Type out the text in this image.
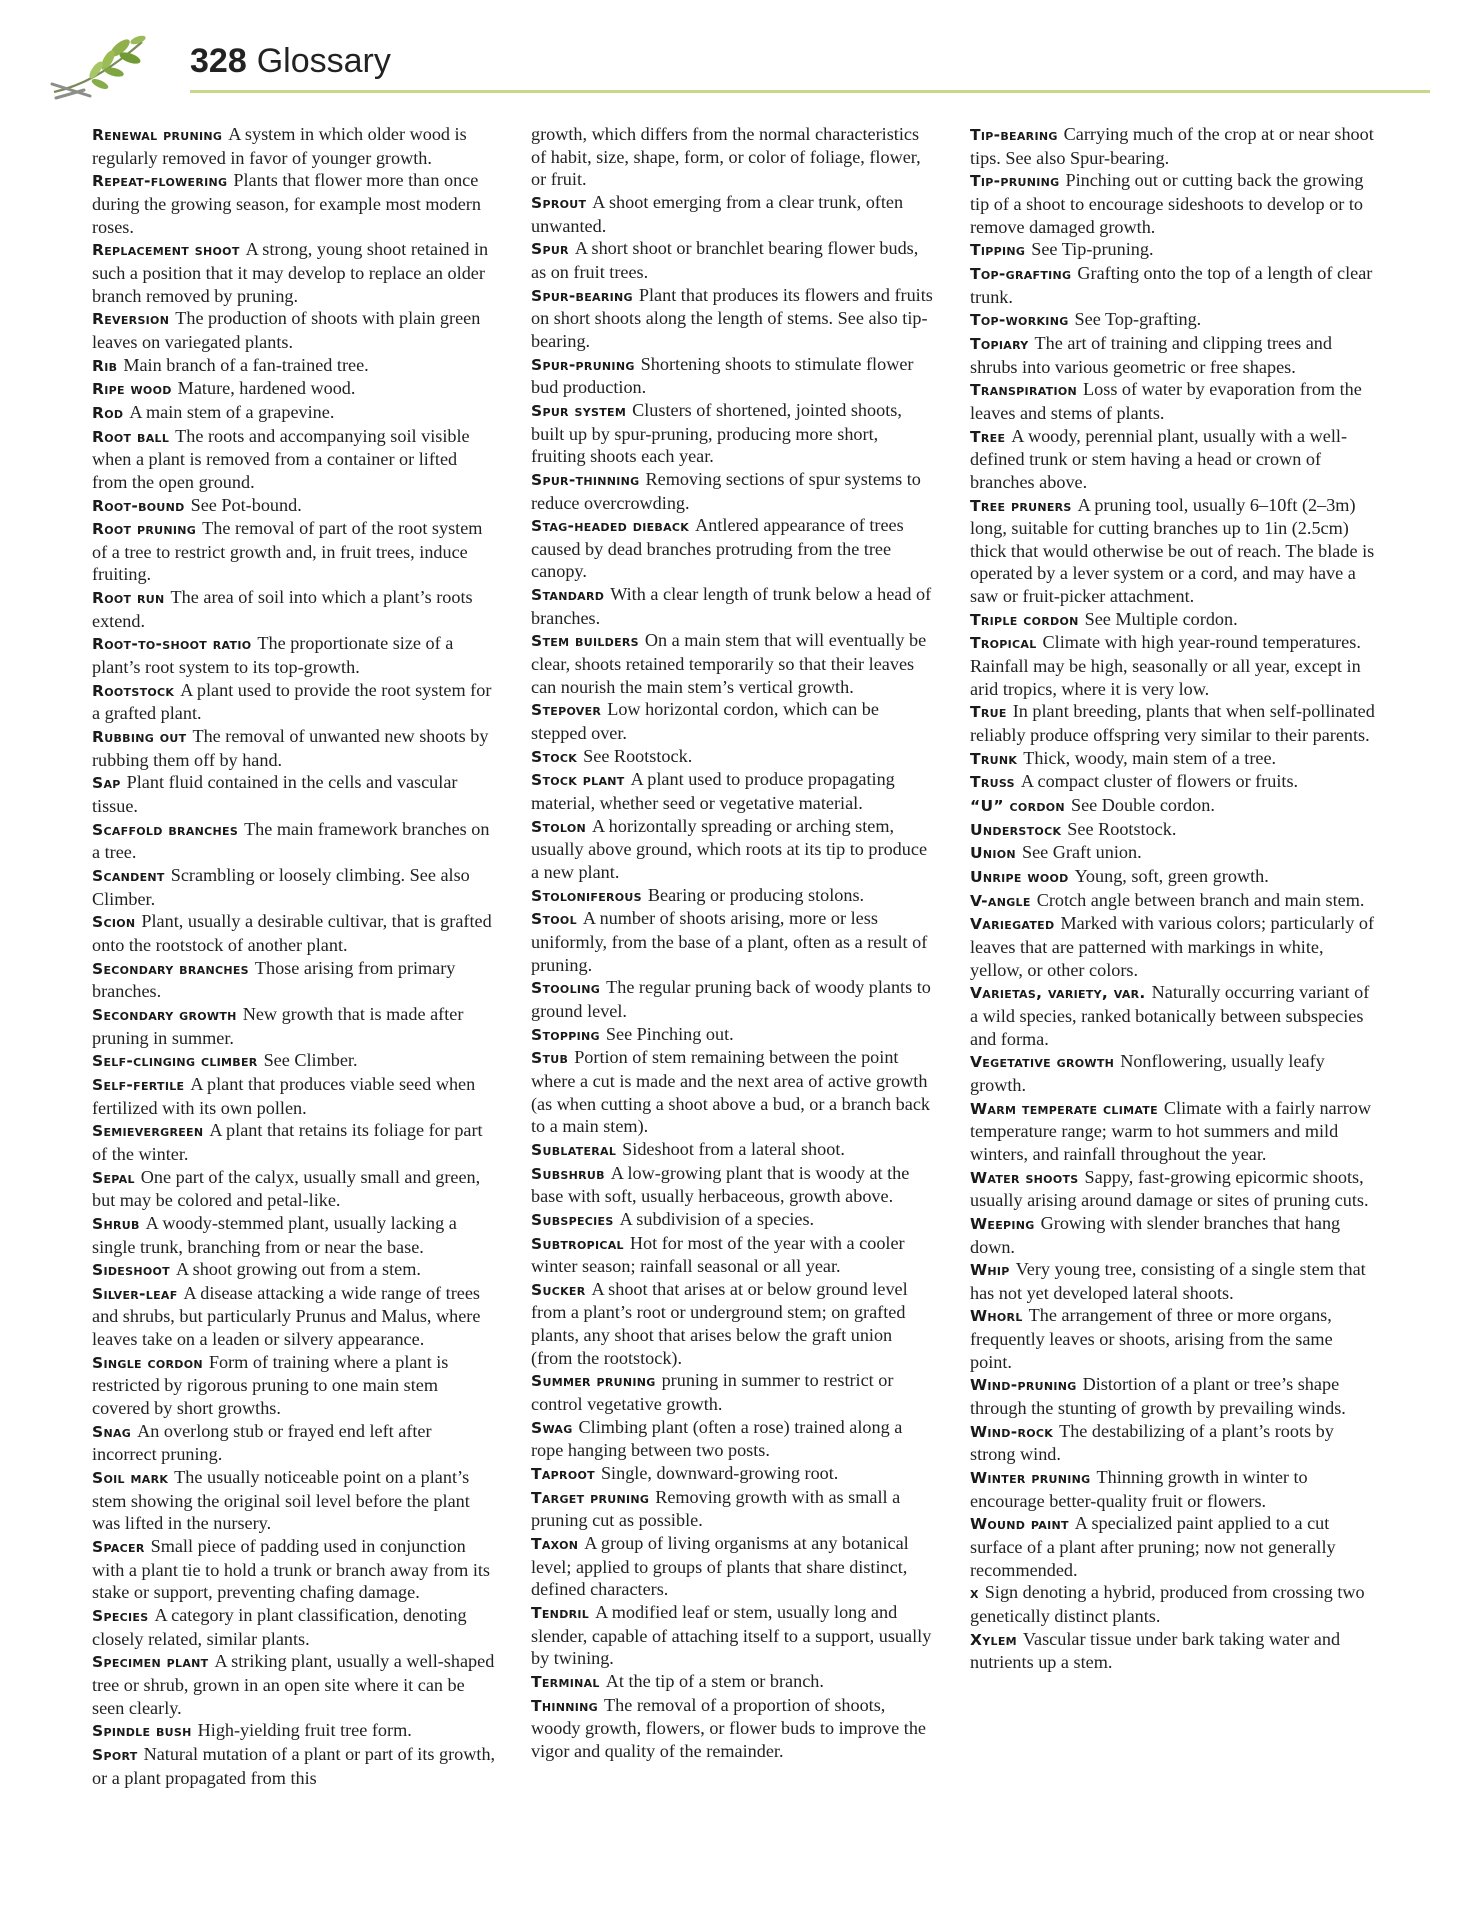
328 Glossary
Renewal pruning A system in which older wood is regularly removed in favor of younger growth.
Repeat-flowering Plants that flower more than once during the growing season, for example most modern roses.
Replacement shoot A strong, young shoot retained in such a position that it may develop to replace an older branch removed by pruning.
Reversion The production of shoots with plain green leaves on variegated plants.
Rib Main branch of a fan-trained tree.
Ripe wood Mature, hardened wood.
Rod A main stem of a grapevine.
Root ball The roots and accompanying soil visible when a plant is removed from a container or lifted from the open ground.
Root-bound See Pot-bound.
Root pruning The removal of part of the root system of a tree to restrict growth and, in fruit trees, induce fruiting.
Root run The area of soil into which a plant’s roots extend.
Root-to-shoot ratio The proportionate size of a plant’s root system to its top-growth.
Rootstock A plant used to provide the root system for a grafted plant.
Rubbing out The removal of unwanted new shoots by rubbing them off by hand.
Sap Plant fluid contained in the cells and vascular tissue.
Scaffold branches The main framework branches on a tree.
Scandent Scrambling or loosely climbing. See also Climber.
Scion Plant, usually a desirable cultivar, that is grafted onto the rootstock of another plant.
Secondary branches Those arising from primary branches.
Secondary growth New growth that is made after pruning in summer.
Self-clinging climber See Climber.
Self-fertile A plant that produces viable seed when fertilized with its own pollen.
Semievergreen A plant that retains its foliage for part of the winter.
Sepal One part of the calyx, usually small and green, but may be colored and petal-like.
Shrub A woody-stemmed plant, usually lacking a single trunk, branching from or near the base.
Sideshoot A shoot growing out from a stem.
Silver-leaf A disease attacking a wide range of trees and shrubs, but particularly Prunus and Malus, where leaves take on a leaden or silvery appearance.
Single cordon Form of training where a plant is restricted by rigorous pruning to one main stem covered by short growths.
Snag An overlong stub or frayed end left after incorrect pruning.
Soil mark The usually noticeable point on a plant’s stem showing the original soil level before the plant was lifted in the nursery.
Spacer Small piece of padding used in conjunction with a plant tie to hold a trunk or branch away from its stake or support, preventing chafing damage.
Species A category in plant classification, denoting closely related, similar plants.
Specimen plant A striking plant, usually a well-shaped tree or shrub, grown in an open site where it can be seen clearly.
Spindle bush High-yielding fruit tree form.
Sport Natural mutation of a plant or part of its growth, or a plant propagated from this
growth, which differs from the normal characteristics of habit, size, shape, form, or color of foliage, flower, or fruit.
Sprout A shoot emerging from a clear trunk, often unwanted.
Spur A short shoot or branchlet bearing flower buds, as on fruit trees.
Spur-bearing Plant that produces its flowers and fruits on short shoots along the length of stems. See also tip-bearing.
Spur-pruning Shortening shoots to stimulate flower bud production.
Spur system Clusters of shortened, jointed shoots, built up by spur-pruning, producing more short, fruiting shoots each year.
Spur-thinning Removing sections of spur systems to reduce overcrowding.
Stag-headed dieback Antlered appearance of trees caused by dead branches protruding from the tree canopy.
Standard With a clear length of trunk below a head of branches.
Stem builders On a main stem that will eventually be clear, shoots retained temporarily so that their leaves can nourish the main stem’s vertical growth.
Stepover Low horizontal cordon, which can be stepped over.
Stock See Rootstock.
Stock plant A plant used to produce propagating material, whether seed or vegetative material.
Stolon A horizontally spreading or arching stem, usually above ground, which roots at its tip to produce a new plant.
Stoloniferous Bearing or producing stolons.
Stool A number of shoots arising, more or less uniformly, from the base of a plant, often as a result of pruning.
Stooling The regular pruning back of woody plants to ground level.
Stopping See Pinching out.
Stub Portion of stem remaining between the point where a cut is made and the next area of active growth (as when cutting a shoot above a bud, or a branch back to a main stem).
Sublateral Sideshoot from a lateral shoot.
Subshrub A low-growing plant that is woody at the base with soft, usually herbaceous, growth above.
Subspecies A subdivision of a species.
Subtropical Hot for most of the year with a cooler winter season; rainfall seasonal or all year.
Sucker A shoot that arises at or below ground level from a plant’s root or underground stem; on grafted plants, any shoot that arises below the graft union (from the rootstock).
Summer pruning pruning in summer to restrict or control vegetative growth.
Swag Climbing plant (often a rose) trained along a rope hanging between two posts.
Taproot Single, downward-growing root.
Target pruning Removing growth with as small a pruning cut as possible.
Taxon A group of living organisms at any botanical level; applied to groups of plants that share distinct, defined characters.
Tendril A modified leaf or stem, usually long and slender, capable of attaching itself to a support, usually by twining.
Terminal At the tip of a stem or branch.
Thinning The removal of a proportion of shoots, woody growth, flowers, or flower buds to improve the vigor and quality of the remainder.
Tip-bearing Carrying much of the crop at or near shoot tips. See also Spur-bearing.
Tip-pruning Pinching out or cutting back the growing tip of a shoot to encourage sideshoots to develop or to remove damaged growth.
Tipping See Tip-pruning.
Top-grafting Grafting onto the top of a length of clear trunk.
Top-working See Top-grafting.
Topiary The art of training and clipping trees and shrubs into various geometric or free shapes.
Transpiration Loss of water by evaporation from the leaves and stems of plants.
Tree A woody, perennial plant, usually with a well-defined trunk or stem having a head or crown of branches above.
Tree pruners A pruning tool, usually 6–10ft (2–3m) long, suitable for cutting branches up to 1in (2.5cm) thick that would otherwise be out of reach. The blade is operated by a lever system or a cord, and may have a saw or fruit-picker attachment.
Triple cordon See Multiple cordon.
Tropical Climate with high year-round temperatures. Rainfall may be high, seasonally or all year, except in arid tropics, where it is very low.
True In plant breeding, plants that when self-pollinated reliably produce offspring very similar to their parents.
Trunk Thick, woody, main stem of a tree.
Truss A compact cluster of flowers or fruits.
“U” cordon See Double cordon.
Understock See Rootstock.
Union See Graft union.
Unripe wood Young, soft, green growth.
V-angle Crotch angle between branch and main stem.
Variegated Marked with various colors; particularly of leaves that are patterned with markings in white, yellow, or other colors.
Varietas, variety, var. Naturally occurring variant of a wild species, ranked botanically between subspecies and forma.
Vegetative growth Nonflowering, usually leafy growth.
Warm temperate climate Climate with a fairly narrow temperature range; warm to hot summers and mild winters, and rainfall throughout the year.
Water shoots Sappy, fast-growing epicormic shoots, usually arising around damage or sites of pruning cuts.
Weeping Growing with slender branches that hang down.
Whip Very young tree, consisting of a single stem that has not yet developed lateral shoots.
Whorl The arrangement of three or more organs, frequently leaves or shoots, arising from the same point.
Wind-pruning Distortion of a plant or tree’s shape through the stunting of growth by prevailing winds.
Wind-rock The destabilizing of a plant’s roots by strong wind.
Winter pruning Thinning growth in winter to encourage better-quality fruit or flowers.
Wound paint A specialized paint applied to a cut surface of a plant after pruning; now not generally recommended.
x Sign denoting a hybrid, produced from crossing two genetically distinct plants.
Xylem Vascular tissue under bark taking water and nutrients up a stem.
